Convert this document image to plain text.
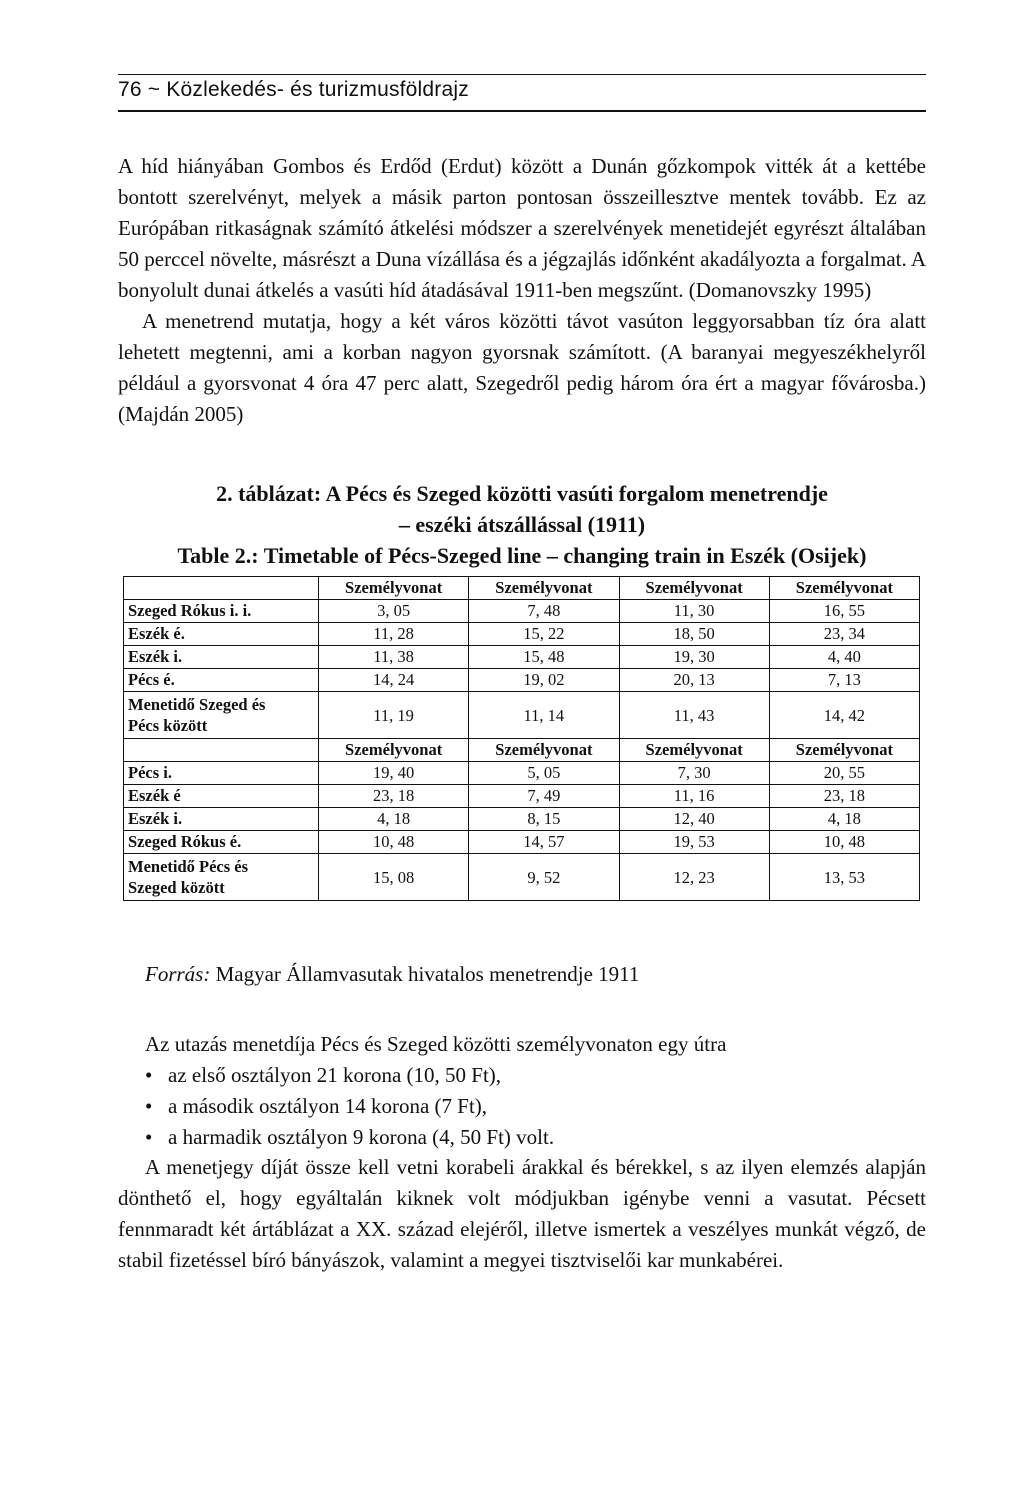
76 ~ Közlekedés- és turizmusföldrajz

A híd hiányában Gombos és Erdőd (Erdut) között a Dunán gőzkompok vitték át a kettébe bontott szerelvényt, melyek a másik parton pontosan összeillesztve mentek tovább. Ez az Európában ritkaságnak számító átkelési módszer a szerelvények menetidejét egyrészt általában 50 perccel növelte, másrészt a Duna vízállása és a jégzajlás időnként akadályozta a forgalmat. A bonyolult dunai átkelés a vasúti híd átadásával 1911-ben megszűnt. (Domanovszky 1995)

A menetrend mutatja, hogy a két város közötti távot vasúton leggyorsabban tíz óra alatt lehetett megtenni, ami a korban nagyon gyorsnak számított. (A baranyai megyeszékhelyről például a gyorsvonat 4 óra 47 perc alatt, Szegedről pedig három óra ért a magyar fővárosba.) (Majdán 2005)

2. táblázat: A Pécs és Szeged közötti vasúti forgalom menetrendje
– eszéki átszállással (1911)
Table 2.: Timetable of Pécs-Szeged line – changing train in Eszék (Osijek)
	Személyvonat	Személyvonat	Személyvonat	Személyvonat
Szeged Rókus i. i.	3, 05	7, 48	11, 30	16, 55
Eszék é.	11, 28	15, 22	18, 50	23, 34
Eszék i.	11, 38	15, 48	19, 30	4, 40
Pécs é.	14, 24	19, 02	20, 13	7, 13
Menetidő Szeged és
Pécs között	11, 19	11, 14	11, 43	14, 42
	Személyvonat	Személyvonat	Személyvonat	Személyvonat
Pécs i.	19, 40	5, 05	7, 30	20, 55
Eszék é	23, 18	7, 49	11, 16	23, 18
Eszék i.	4, 18	8, 15	12, 40	4, 18
Szeged Rókus é.	10, 48	14, 57	19, 53	10, 48
Menetidő Pécs és
Szeged között	15, 08	9, 52	12, 23	13, 53
Forrás: Magyar Államvasutak hivatalos menetrendje 1911

Az utazás menetdíja Pécs és Szeged közötti személyvonaton egy útra

• az első osztályon 21 korona (10, 50 Ft),
• a második osztályon 14 korona (7 Ft),
• a harmadik osztályon 9 korona (4, 50 Ft) volt.

A menetjegy díját össze kell vetni korabeli árakkal és bérekkel, s az ilyen elemzés alapján dönthető el, hogy egyáltalán kiknek volt módjukban igénybe venni a vasutat. Pécsett fennmaradt két ártáblázat a XX. század elejéről, illetve ismertek a veszélyes munkát végző, de stabil fizetéssel bíró bányászok, valamint a megyei tisztviselői kar munkabérei.
